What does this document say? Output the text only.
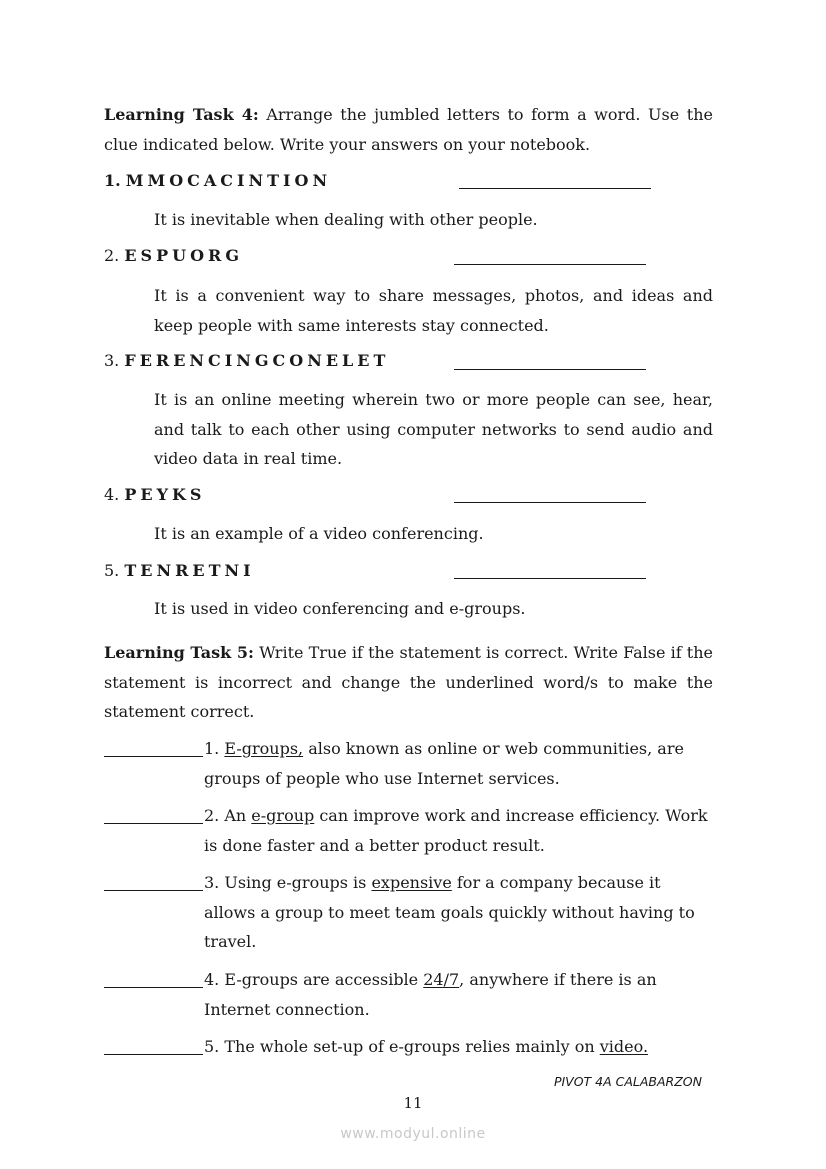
Learning Task 4: Arrange the jumbled letters to form a word. Use the clue indicated below. Write your answers on your notebook.
1. MMOCACINTION
It is inevitable when dealing with other people.
2. ESPUORG
It is a convenient way to share messages, photos, and ideas and keep people with same interests stay connected.
3. FERENCINGCONELET
It is an online meeting wherein two or more people can see, hear, and talk to each other using computer networks to send audio and video data in real time.
4. PEYKS
It is an example of a video conferencing.
5. TENRETNI
It is used in video conferencing and e-groups.
Learning Task 5: Write True if the statement is correct. Write False if the statement is incorrect and change the underlined word/s to make the statement correct.
1. E-groups, also known as online or web communities, are groups of people who use Internet services.
2. An e-group can improve work and increase efficiency. Work is done faster and a better product result.
3. Using e-groups is expensive for a company because it allows a group to meet team goals quickly without having to travel.
4. E-groups are accessible 24/7, anywhere if there is an Internet connection.
5. The whole set-up of e-groups relies mainly on video.
PIVOT 4A CALABARZON
11
www.modyul.online
